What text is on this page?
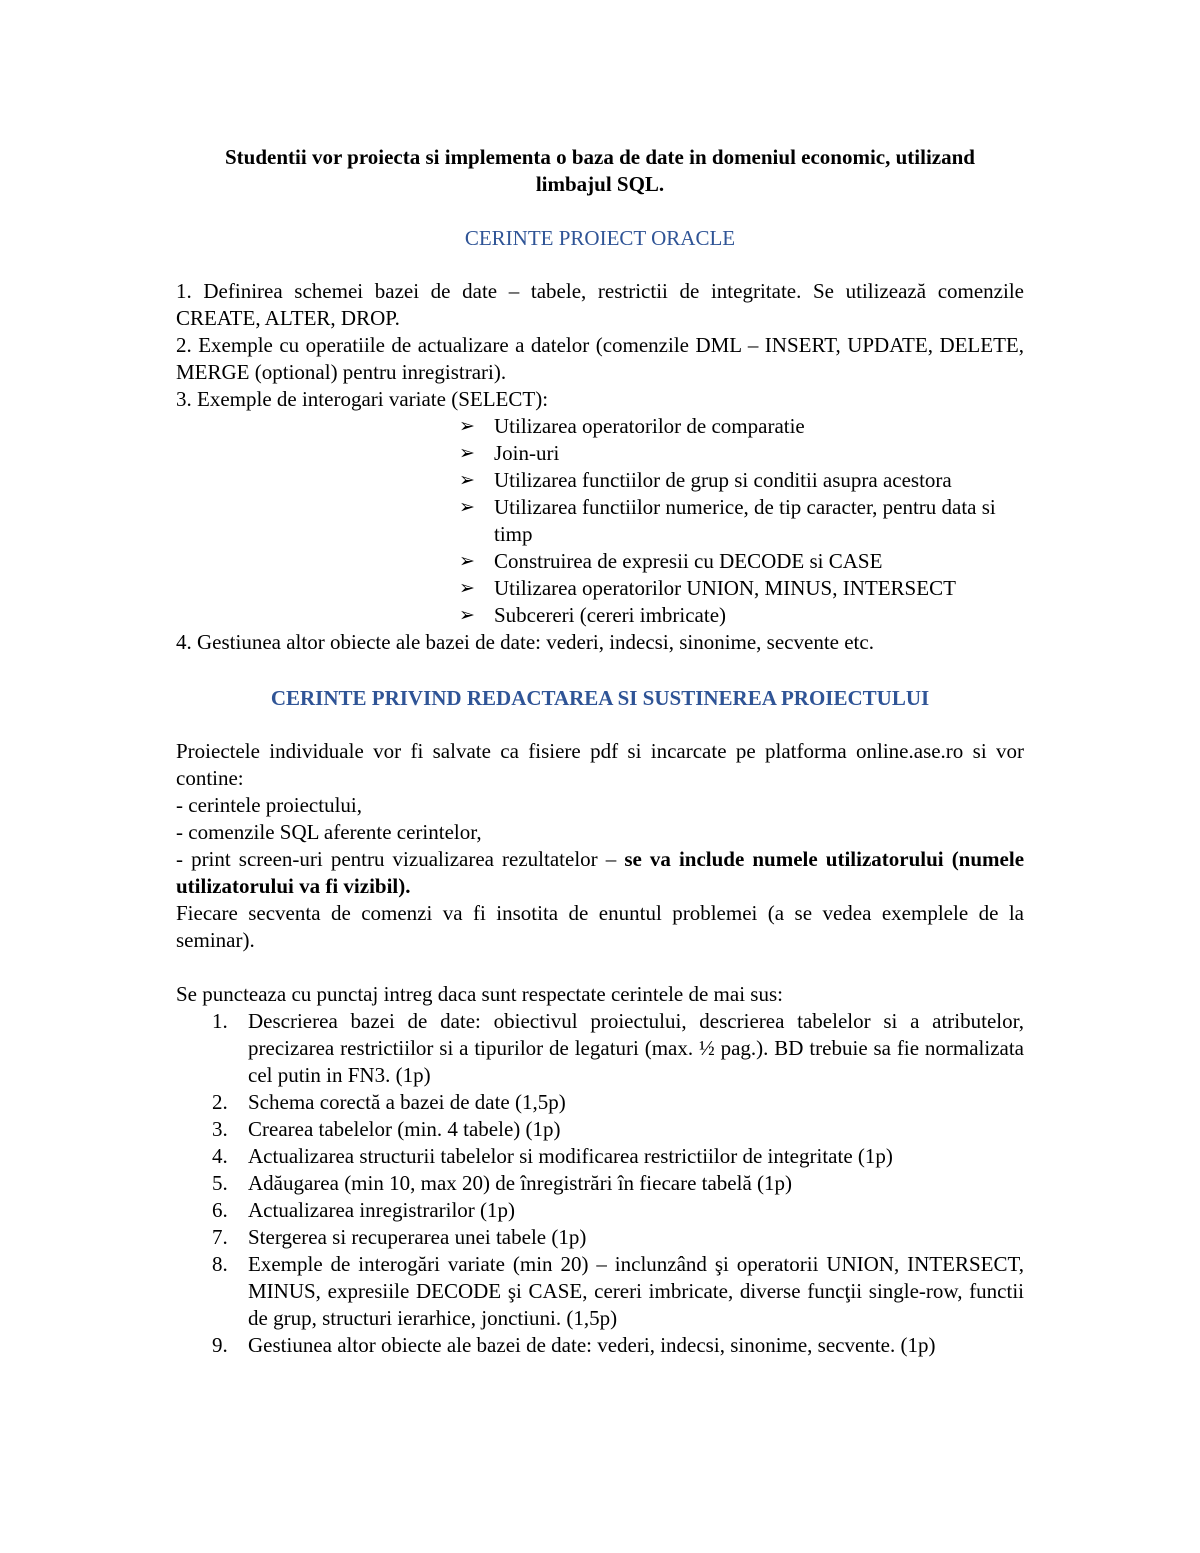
Studentii vor proiecta si implementa o baza de date in domeniul economic, utilizand

limbajul SQL.

CERINTE PROIECT ORACLE

1. Definirea schemei bazei de date – tabele, restrictii de integritate. Se utilizează comenzile CREATE, ALTER, DROP.

2. Exemple cu operatiile de actualizare a datelor (comenzile DML – INSERT, UPDATE, DELETE, MERGE (optional) pentru inregistrari).

3. Exemple de interogari variate (SELECT):

➢ Utilizarea operatorilor de comparatie
➢ Join-uri
➢ Utilizarea functiilor de grup si conditii asupra acestora
➢ Utilizarea functiilor numerice, de tip caracter, pentru data si timp
➢ Construirea de expresii cu DECODE si CASE
➢ Utilizarea operatorilor UNION, MINUS, INTERSECT
➢ Subcereri (cereri imbricate)

4. Gestiunea altor obiecte ale bazei de date: vederi, indecsi, sinonime, secvente etc.

CERINTE PRIVIND REDACTAREA SI SUSTINEREA PROIECTULUI

Proiectele individuale vor fi salvate ca fisiere pdf si incarcate pe platforma online.ase.ro si vor contine:

- cerintele proiectului,

- comenzile SQL aferente cerintelor,

- print screen-uri pentru vizualizarea rezultatelor – se va include numele utilizatorului (numele utilizatorului va fi vizibil).

Fiecare secventa de comenzi va fi insotita de enuntul problemei (a se vedea exemplele de la seminar).

Se puncteaza cu punctaj intreg daca sunt respectate cerintele de mai sus:

1. Descrierea bazei de date: obiectivul proiectului, descrierea tabelelor si a atributelor, precizarea restrictiilor si a tipurilor de legaturi (max. ½ pag.). BD trebuie sa fie normalizata cel putin in FN3. (1p)

2. Schema corectă a bazei de date (1,5p)

3. Crearea tabelelor (min. 4 tabele) (1p)

4. Actualizarea structurii tabelelor si modificarea restrictiilor de integritate (1p)

5. Adăugarea (min 10, max 20) de înregistrări în fiecare tabelă (1p)

6. Actualizarea inregistrarilor (1p)

7. Stergerea si recuperarea unei tabele (1p)

8. Exemple de interogări variate (min 20) – inclunzând şi operatorii UNION, INTERSECT, MINUS, expresiile DECODE şi CASE, cereri imbricate, diverse funcţii single-row, functii de grup, structuri ierarhice, jonctiuni. (1,5p)

9. Gestiunea altor obiecte ale bazei de date: vederi, indecsi, sinonime, secvente. (1p)
